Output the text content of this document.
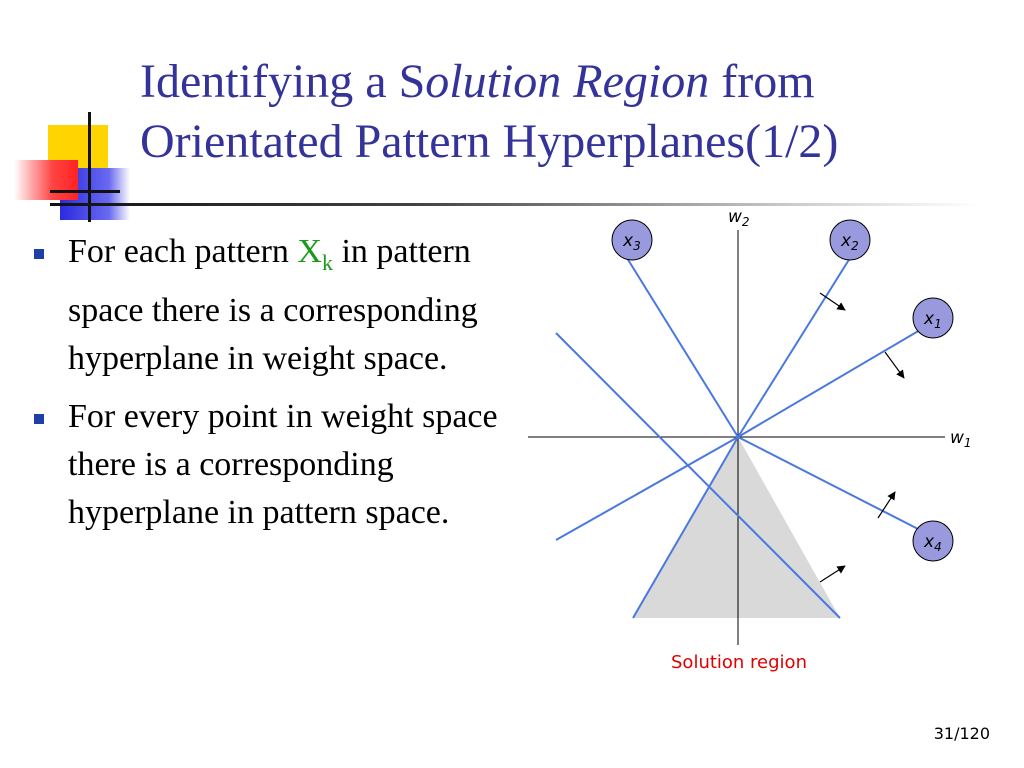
Identifying a Solution Region from
Orientated Pattern Hyperplanes(1/2)
For each pattern $X_k$ in pattern space there is a corresponding hyperplane in weight space.
For every point in weight space there is a corresponding hyperplane in pattern space.
$x_3$	$x_2$
$x_1$
$x_4$
$w_2$
$w_1$
Solution region
31/120
